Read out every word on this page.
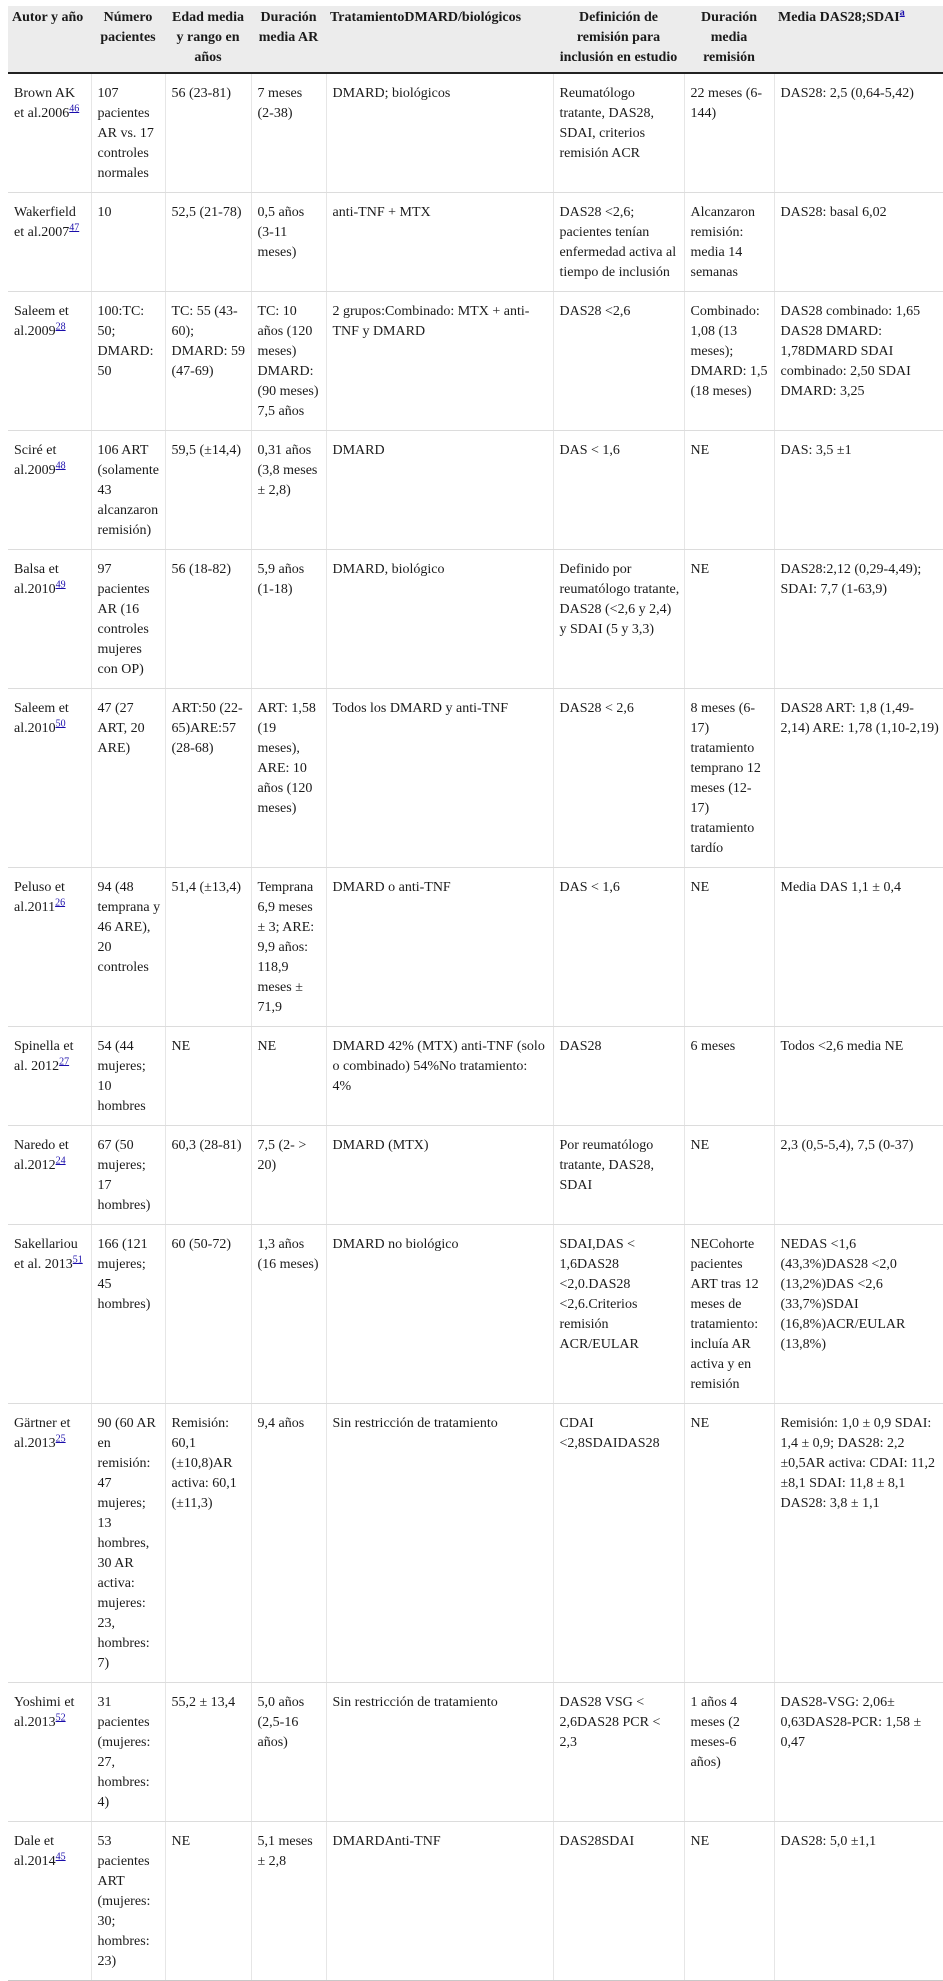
Autor y año	Número pacientes	Edad media y rango en años	Duración media AR	TratamientoDMARD/biológicos	Definición de remisión para inclusión en estudio	Duración media remisión	Media DAS28;SDAI$^a$
Brown AK et al.2006$^{46}$	107 pacientes AR vs. 17 controles normales	56 (23-81)	7 meses (2-38)	DMARD; biológicos	Reumatólogo tratante, DAS28, SDAI, criterios remisión ACR	22 meses (6-144)	DAS28: 2,5 (0,64-5,42)
Wakerfield et al.2007$^{47}$	10	52,5 (21-78)	0,5 años (3-11 meses)	anti-TNF + MTX	DAS28 <2,6; pacientes tenían enfermedad activa al tiempo de inclusión	Alcanzaron remisión: media 14 semanas	DAS28: basal 6,02
Saleem et al.2009$^{28}$	100:TC: 50; DMARD: 50	TC: 55 (43-60); DMARD: 59 (47-69)	TC: 10 años (120 meses) DMARD: (90 meses) 7,5 años	2 grupos:Combinado: MTX + anti-TNF y DMARD	DAS28 <2,6	Combinado: 1,08 (13 meses); DMARD: 1,5 (18 meses)	DAS28 combinado: 1,65 DAS28 DMARD: 1,78DMARD SDAI combinado: 2,50 SDAI DMARD: 3,25
Sciré et al.2009$^{48}$	106 ART (solamente 43 alcanzaron remisión)	59,5 (±14,4)	0,31 años (3,8 meses ± 2,8)	DMARD	DAS < 1,6	NE	DAS: 3,5 ±1
Balsa et al.2010$^{49}$	97 pacientes AR (16 controles mujeres con OP)	56 (18-82)	5,9 años (1-18)	DMARD, biológico	Definido por reumatólogo tratante, DAS28 (<2,6 y 2,4) y SDAI (5 y 3,3)	NE	DAS28:2,12 (0,29-4,49); SDAI: 7,7 (1-63,9)
Saleem et al.2010$^{50}$	47 (27 ART, 20 ARE)	ART:50 (22-65)ARE:57 (28-68)	ART: 1,58 (19 meses), ARE: 10 años (120 meses)	Todos los DMARD y anti-TNF	DAS28 < 2,6	8 meses (6-17) tratamiento temprano 12 meses (12-17) tratamiento tardío	DAS28 ART: 1,8 (1,49-2,14) ARE: 1,78 (1,10-2,19)
Peluso et al.2011$^{26}$	94 (48 temprana y 46 ARE), 20 controles	51,4 (±13,4)	Temprana 6,9 meses ± 3; ARE: 9,9 años: 118,9 meses ± 71,9	DMARD o anti-TNF	DAS < 1,6	NE	Media DAS 1,1 ± 0,4
Spinella et al. 2012$^{27}$	54 (44 mujeres; 10 hombres	NE	NE	DMARD 42% (MTX) anti-TNF (solo o combinado) 54%No tratamiento: 4%	DAS28	6 meses	Todos <2,6 media NE
Naredo et al.2012$^{24}$	67 (50 mujeres; 17 hombres)	60,3 (28-81)	7,5 (2- > 20)	DMARD (MTX)	Por reumatólogo tratante, DAS28, SDAI	NE	2,3 (0,5-5,4), 7,5 (0-37)
Sakellariou et al. 2013$^{51}$	166 (121 mujeres; 45 hombres)	60 (50-72)	1,3 años (16 meses)	DMARD no biológico	SDAI,DAS < 1,6DAS28 <2,0.DAS28 <2,6.Criterios remisión ACR/EULAR	NECohorte pacientes ART tras 12 meses de tratamiento: incluía AR activa y en remisión	NEDAS <1,6 (43,3%)DAS28 <2,0 (13,2%)DAS <2,6 (33,7%)SDAI (16,8%)ACR/EULAR (13,8%)
Gärtner et al.2013$^{25}$	90 (60 AR en remisión: 47 mujeres; 13 hombres, 30 AR activa: mujeres: 23, hombres: 7)	Remisión: 60,1 (±10,8)AR activa: 60,1 (±11,3)	9,4 años	Sin restricción de tratamiento	CDAI <2,8SDAIDAS28	NE	Remisión: 1,0 ± 0,9 SDAI: 1,4 ± 0,9; DAS28: 2,2 ±0,5AR activa: CDAI: 11,2 ±8,1 SDAI: 11,8 ± 8,1 DAS28: 3,8 ± 1,1
Yoshimi et al.2013$^{52}$	31 pacientes (mujeres: 27, hombres: 4)	55,2 ± 13,4	5,0 años (2,5-16 años)	Sin restricción de tratamiento	DAS28 VSG < 2,6DAS28 PCR < 2,3	1 años 4 meses (2 meses-6 años)	DAS28-VSG: 2,06± 0,63DAS28-PCR: 1,58 ± 0,47
Dale et al.2014$^{45}$	53 pacientes ART (mujeres: 30; hombres: 23)	NE	5,1 meses ± 2,8	DMARDAnti-TNF	DAS28SDAI	NE	DAS28: 5,0 ±1,1
